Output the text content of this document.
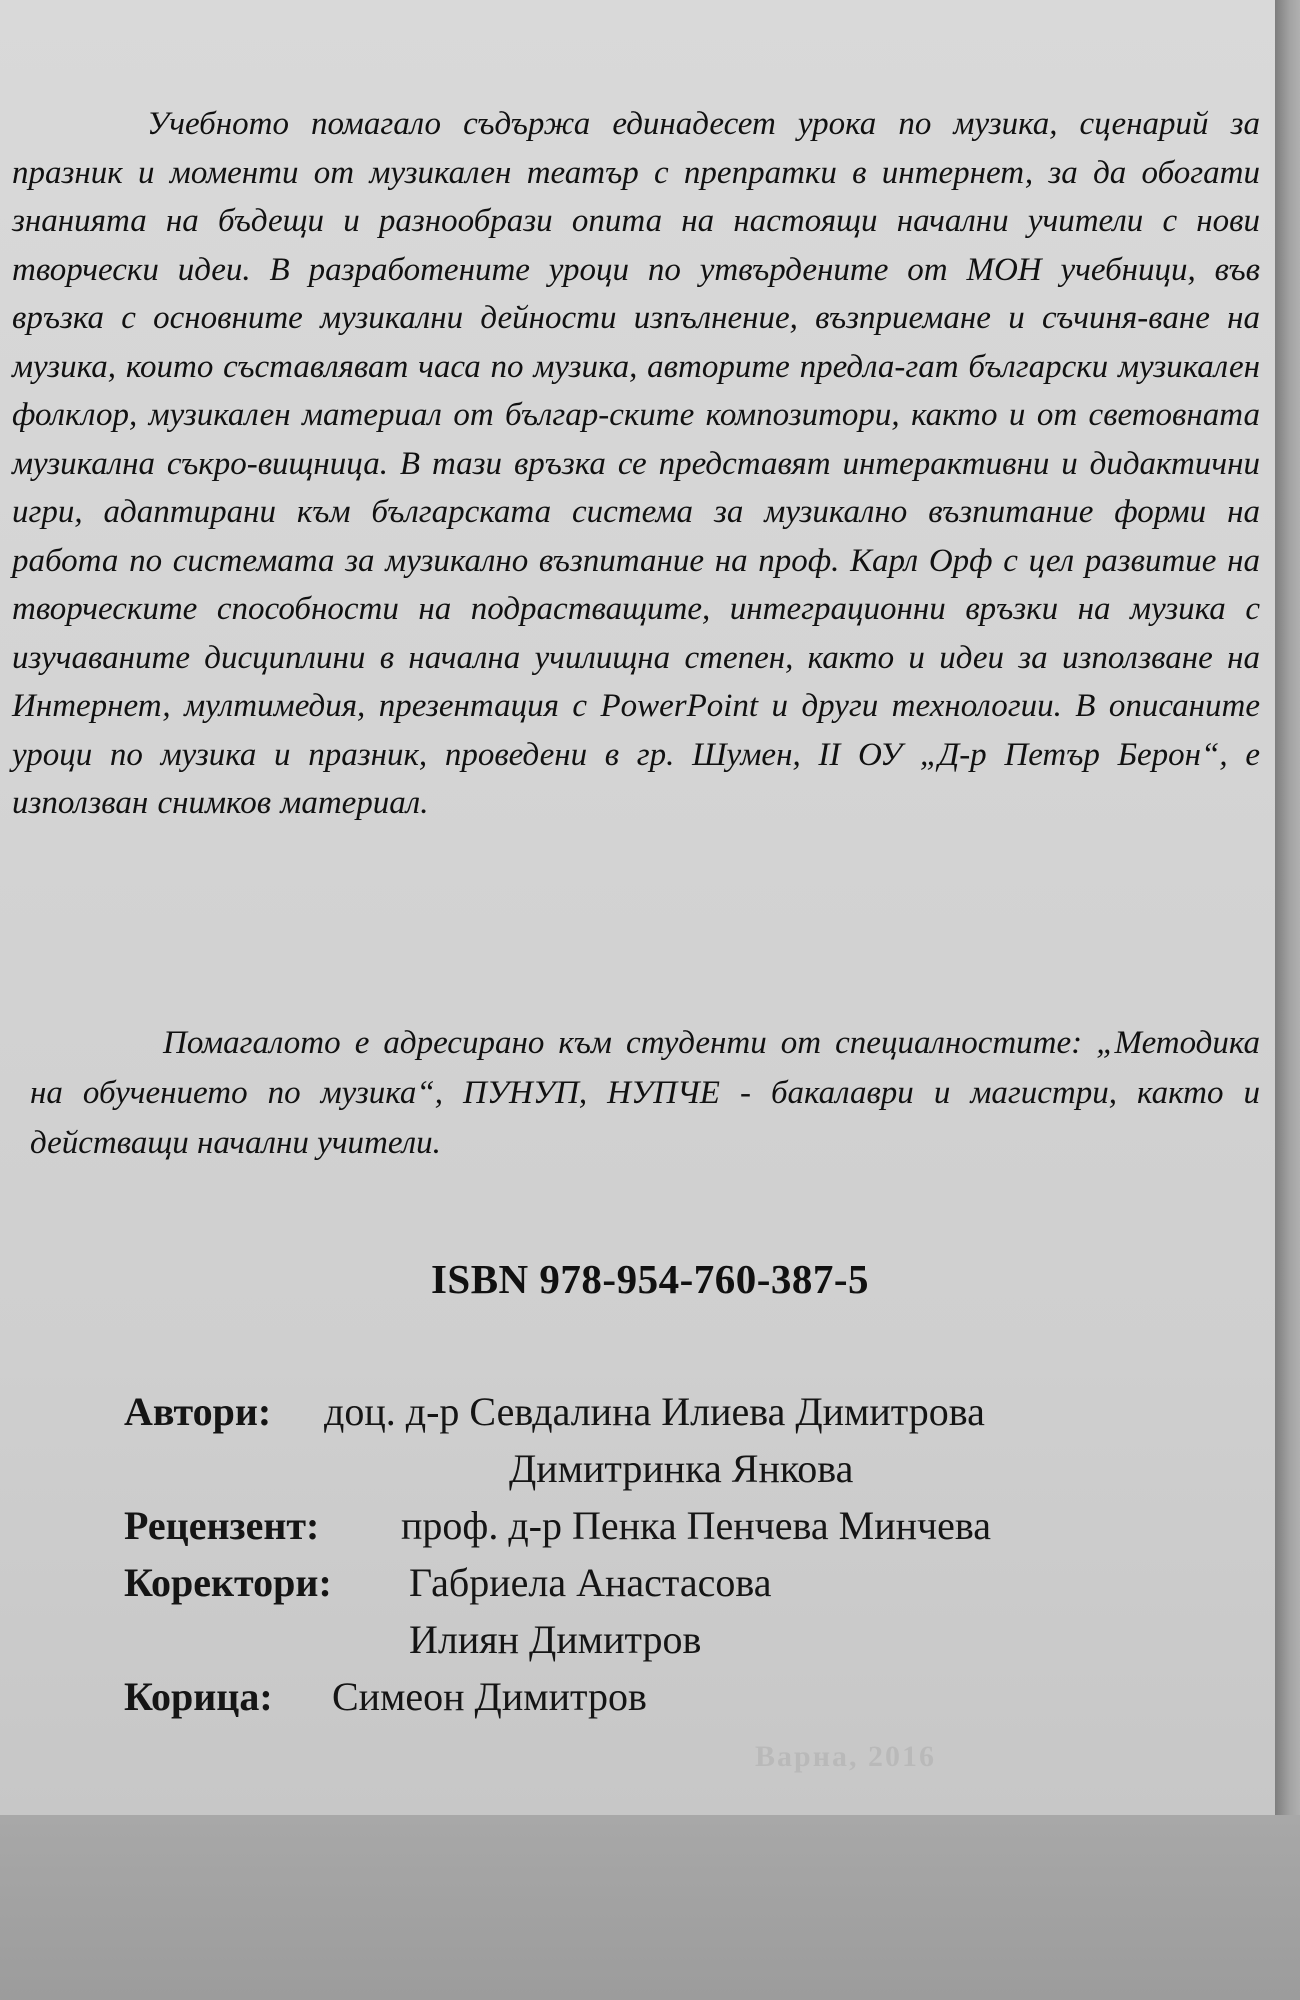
Варна, 2016

Учебното помагало съдържа единадесет урока по музика, сценарий за празник и моменти от музикален театър с препратки в интернет, за да обогати знанията на бъдещи и разнообрази опита на настоящи начални учители с нови творчески идеи. В разработените уроци по утвърдените от МОН учебници, във връзка с основните музикални дейности изпълнение, възприемане и съчиня-ване на музика, които съставляват часа по музика, авторите предла-гат български музикален фолклор, музикален материал от българ-ските композитори, както и от световната музикална съкро-вищница. В тази връзка се представят интерактивни и дидактични игри, адаптирани към българската система за музикално възпитание форми на работа по системата за музикално възпитание на проф. Карл Орф с цел развитие на творческите способности на подрастващите, интеграционни връзки на музика с изучаваните дисциплини в начална училищна степен, както и идеи за използване на Интернет, мултимедия, презентация с PowerPoint и други технологии. В описаните уроци по музика и празник, проведени в гр. Шумен, II ОУ „Д-р Петър Берон“, е използван снимков материал.

Помагалото е адресирано към студенти от специалностите: „Методика на обучението по музика“, ПУНУП, НУПЧЕ - бакалаври и магистри, както и действащи начални учители.

ISBN 978-954-760-387-5
Автори: доц. д-р Севдалина Илиева Димитрова
Димитринка Янкова
Рецензент: проф. д-р Пенка Пенчева Минчева
Коректори: Габриела Анастасова
Илиян Димитров
Корица: Симеон Димитров
